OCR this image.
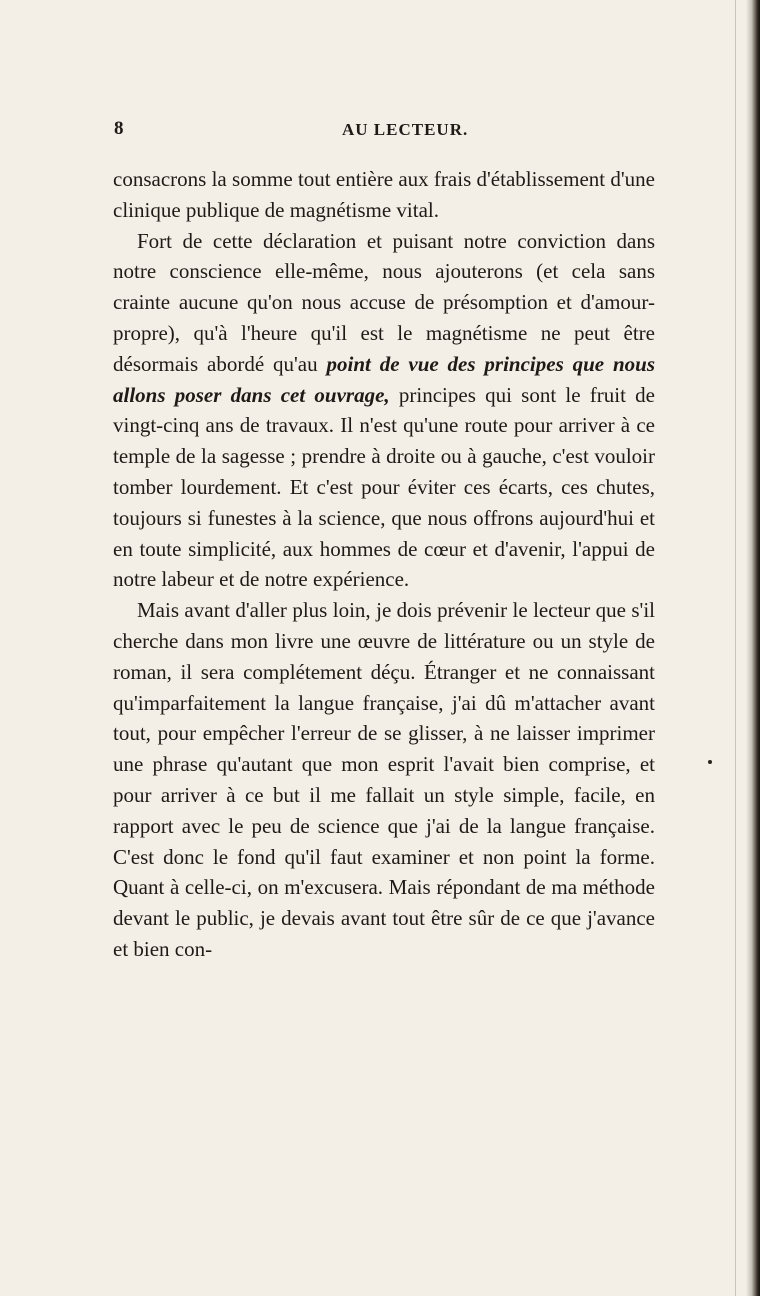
8	AU LECTEUR.

consacrons la somme tout entière aux frais d'établissement d'une clinique publique de magnétisme vital.

Fort de cette déclaration et puisant notre conviction dans notre conscience elle-même, nous ajouterons (et cela sans crainte aucune qu'on nous accuse de présomption et d'amour-propre), qu'à l'heure qu'il est le magnétisme ne peut être désormais abordé qu'au point de vue des principes que nous allons poser dans cet ouvrage, principes qui sont le fruit de vingt-cinq ans de travaux. Il n'est qu'une route pour arriver à ce temple de la sagesse ; prendre à droite ou à gauche, c'est vouloir tomber lourdement. Et c'est pour éviter ces écarts, ces chutes, toujours si funestes à la science, que nous offrons aujourd'hui et en toute simplicité, aux hommes de cœur et d'avenir, l'appui de notre labeur et de notre expérience.

Mais avant d'aller plus loin, je dois prévenir le lecteur que s'il cherche dans mon livre une œuvre de littérature ou un style de roman, il sera complétement déçu. Étranger et ne connaissant qu'imparfaitement la langue française, j'ai dû m'attacher avant tout, pour empêcher l'erreur de se glisser, à ne laisser imprimer une phrase qu'autant que mon esprit l'avait bien comprise, et pour arriver à ce but il me fallait un style simple, facile, en rapport avec le peu de science que j'ai de la langue française. C'est donc le fond qu'il faut examiner et non point la forme. Quant à celle-ci, on m'excusera. Mais répondant de ma méthode devant le public, je devais avant tout être sûr de ce que j'avance et bien con-
